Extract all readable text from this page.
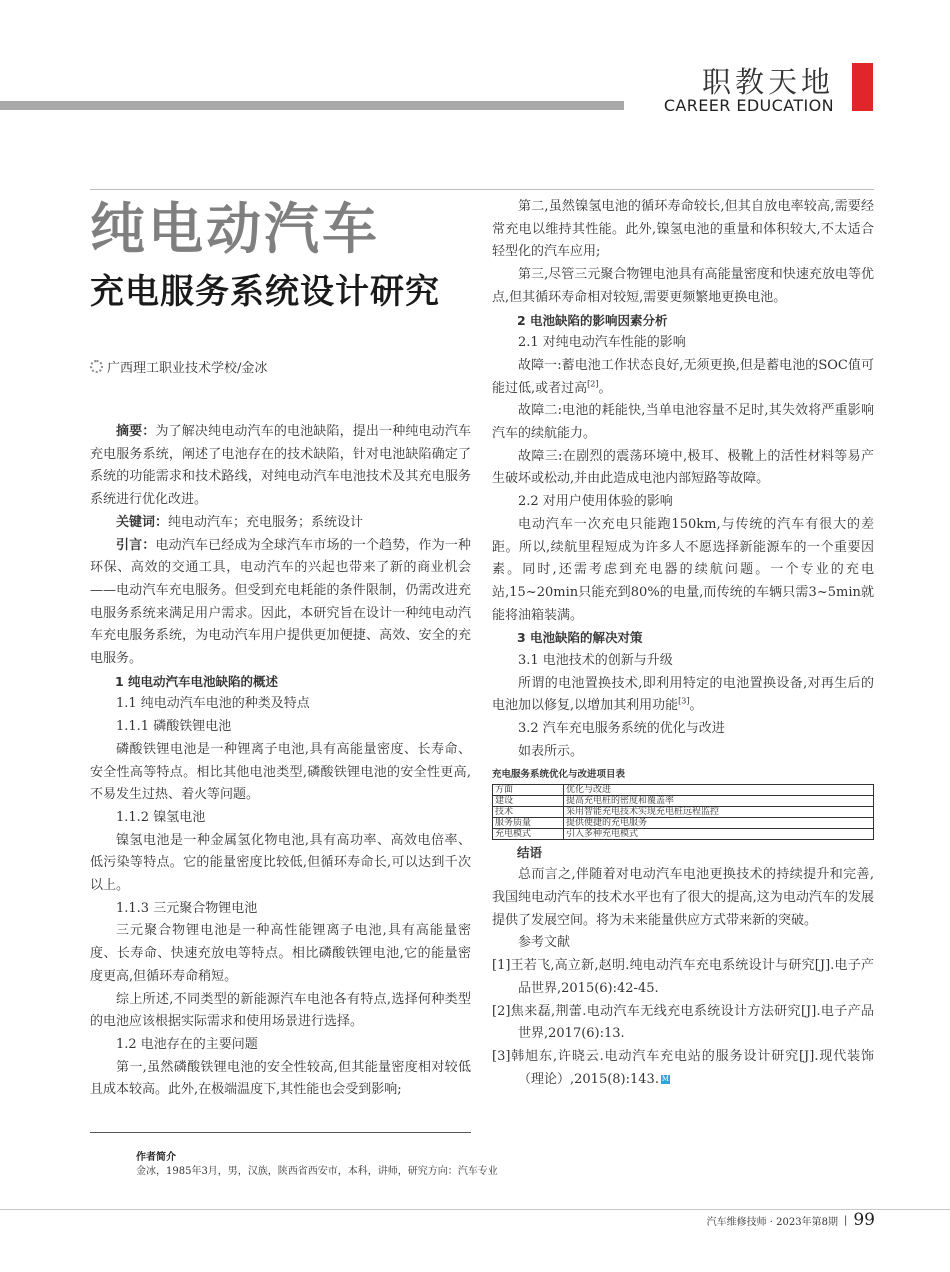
职教天地
CAREER EDUCATION
纯电动汽车
充电服务系统设计研究
广西理工职业技术学校/金冰

摘要：为了解决纯电动汽车的电池缺陷，提出一种纯电动汽车充电服务系统，阐述了电池存在的技术缺陷，针对电池缺陷确定了系统的功能需求和技术路线，对纯电动汽车电池技术及其充电服务系统进行优化改进。

关键词：纯电动汽车；充电服务；系统设计

引言：电动汽车已经成为全球汽车市场的一个趋势，作为一种环保、高效的交通工具，电动汽车的兴起也带来了新的商业机会——电动汽车充电服务。但受到充电耗能的条件限制，仍需改进充电服务系统来满足用户需求。因此，本研究旨在设计一种纯电动汽车充电服务系统，为电动汽车用户提供更加便捷、高效、安全的充电服务。

1 纯电动汽车电池缺陷的概述

1.1 纯电动汽车电池的种类及特点

1.1.1 磷酸铁锂电池

磷酸铁锂电池是一种锂离子电池,具有高能量密度、长寿命、安全性高等特点。相比其他电池类型,磷酸铁锂电池的安全性更高,不易发生过热、着火等问题。

1.1.2 镍氢电池

镍氢电池是一种金属氢化物电池,具有高功率、高效电倍率、低污染等特点。它的能量密度比较低,但循环寿命长,可以达到千次以上。

1.1.3 三元聚合物锂电池

三元聚合物锂电池是一种高性能锂离子电池,具有高能量密度、长寿命、快速充放电等特点。相比磷酸铁锂电池,它的能量密度更高,但循环寿命稍短。

综上所述,不同类型的新能源汽车电池各有特点,选择何种类型的电池应该根据实际需求和使用场景进行选择。

1.2 电池存在的主要问题

第一,虽然磷酸铁锂电池的安全性较高,但其能量密度相对较低且成本较高。此外,在极端温度下,其性能也会受到影响;

第二,虽然镍氢电池的循环寿命较长,但其自放电率较高,需要经常充电以维持其性能。此外,镍氢电池的重量和体积较大,不太适合轻型化的汽车应用;

第三,尽管三元聚合物锂电池具有高能量密度和快速充放电等优点,但其循环寿命相对较短,需要更频繁地更换电池。

2 电池缺陷的影响因素分析

2.1 对纯电动汽车性能的影响

故障一:蓄电池工作状态良好,无须更换,但是蓄电池的SOC值可能过低,或者过高[2]。

故障二:电池的耗能快,当单电池容量不足时,其失效将严重影响汽车的续航能力。

故障三:在剧烈的震荡环境中,极耳、极靴上的活性材料等易产生破坏或松动,并由此造成电池内部短路等故障。

2.2 对用户使用体验的影响

电动汽车一次充电只能跑150km,与传统的汽车有很大的差距。所以,续航里程短成为许多人不愿选择新能源车的一个重要因素。同时,还需考虑到充电器的续航问题。一个专业的充电站,15~20min只能充到80%的电量,而传统的车辆只需3~5min就能将油箱装满。

3 电池缺陷的解决对策

3.1 电池技术的创新与升级

所谓的电池置换技术,即利用特定的电池置换设备,对再生后的电池加以修复,以增加其利用功能[3]。

3.2 汽车充电服务系统的优化与改进

如表所示。

充电服务系统优化与改进项目表
方面	优化与改进
建设	提高充电桩的密度和覆盖率
技术	采用智能充电技术实现充电桩远程监控
服务质量	提供便捷的充电服务
充电模式	引入多种充电模式

结语

总而言之,伴随着对电动汽车电池更换技术的持续提升和完善,我国纯电动汽车的技术水平也有了很大的提高,这为电动汽车的发展提供了发展空间。将为未来能量供应方式带来新的突破。

参考文献

[1]王若飞,高立新,赵明.纯电动汽车充电系统设计与研究[J].电子产品世界,2015(6):42-45.

[2]焦来磊,荆蕾.电动汽车无线充电系统设计方法研究[J].电子产品世界,2017(6):13.

[3]韩旭东,许晓云.电动汽车充电站的服务设计研究[J].现代装饰（理论）,2015(8):143. M

作者简介
金冰，1985年3月，男，汉族，陕西省西安市，本科，讲师，研究方向：汽车专业
汽车维修技师 · 2023年第8期 | 99
